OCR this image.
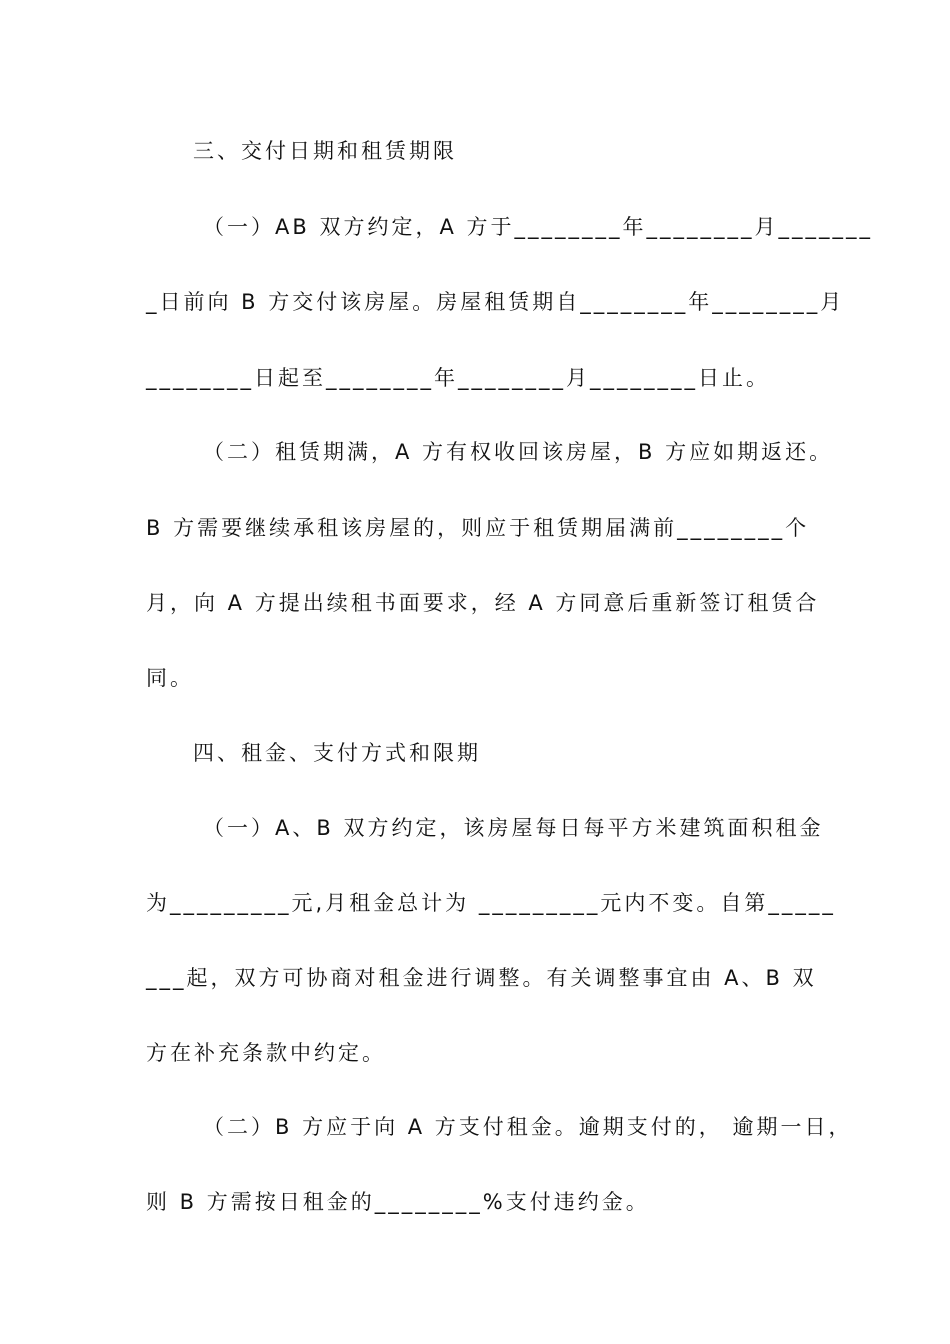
三、交付日期和租赁期限
（一）AB 双方约定，A 方于________年________月_______
_日前向 B 方交付该房屋。房屋租赁期自________年________月
________日起至________年________月________日止。
（二）租赁期满，A 方有权收回该房屋，B 方应如期返还。
B 方需要继续承租该房屋的，则应于租赁期届满前________个
月，向 A 方提出续租书面要求，经 A 方同意后重新签订租赁合
同。
四、租金、支付方式和限期
（一）A、B 双方约定，该房屋每日每平方米建筑面积租金
为_________元,月租金总计为 _________元内不变。自第_____
___起，双方可协商对租金进行调整。有关调整事宜由 A、B 双
方在补充条款中约定。
（二）B 方应于向 A 方支付租金。逾期支付的， 逾期一日，
则 B 方需按日租金的________%支付违约金。
